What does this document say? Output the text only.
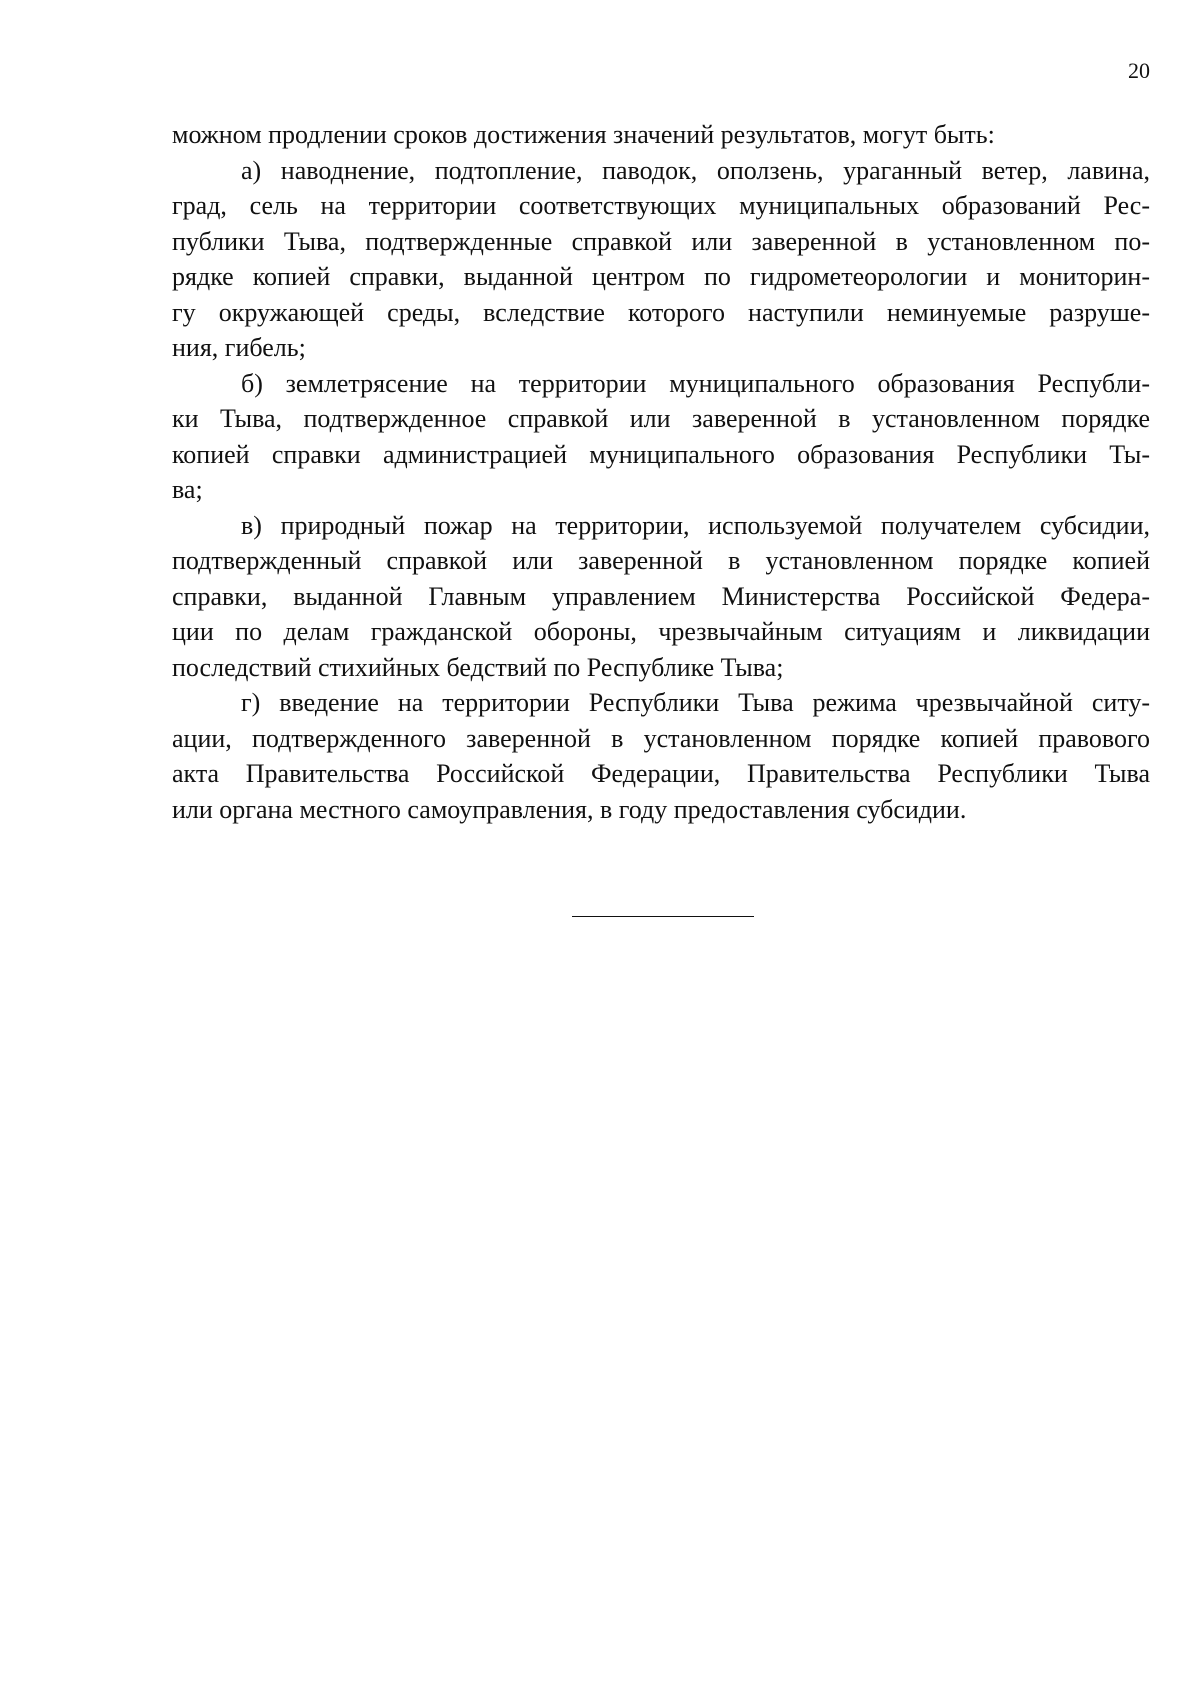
20
можном продлении сроков достижения значений результатов, могут быть:
а) наводнение, подтопление, паводок, оползень, ураганный ветер, лавина,
град, сель на территории соответствующих муниципальных образований Рес-
публики Тыва, подтвержденные справкой или заверенной в установленном по-
рядке копией справки, выданной центром по гидрометеорологии и мониторин-
гу окружающей среды, вследствие которого наступили неминуемые разруше-
ния, гибель;
б) землетрясение на территории муниципального образования Республи-
ки Тыва, подтвержденное справкой или заверенной в установленном порядке
копией справки администрацией муниципального образования Республики Ты-
ва;
в) природный пожар на территории, используемой получателем субсидии,
подтвержденный справкой или заверенной в установленном порядке копией
справки, выданной Главным управлением Министерства Российской Федера-
ции по делам гражданской обороны, чрезвычайным ситуациям и ликвидации
последствий стихийных бедствий по Республике Тыва;
г) введение на территории Республики Тыва режима чрезвычайной ситу-
ации, подтвержденного заверенной в установленном порядке копией правового
акта Правительства Российской Федерации, Правительства Республики Тыва
или органа местного самоуправления, в году предоставления субсидии.
